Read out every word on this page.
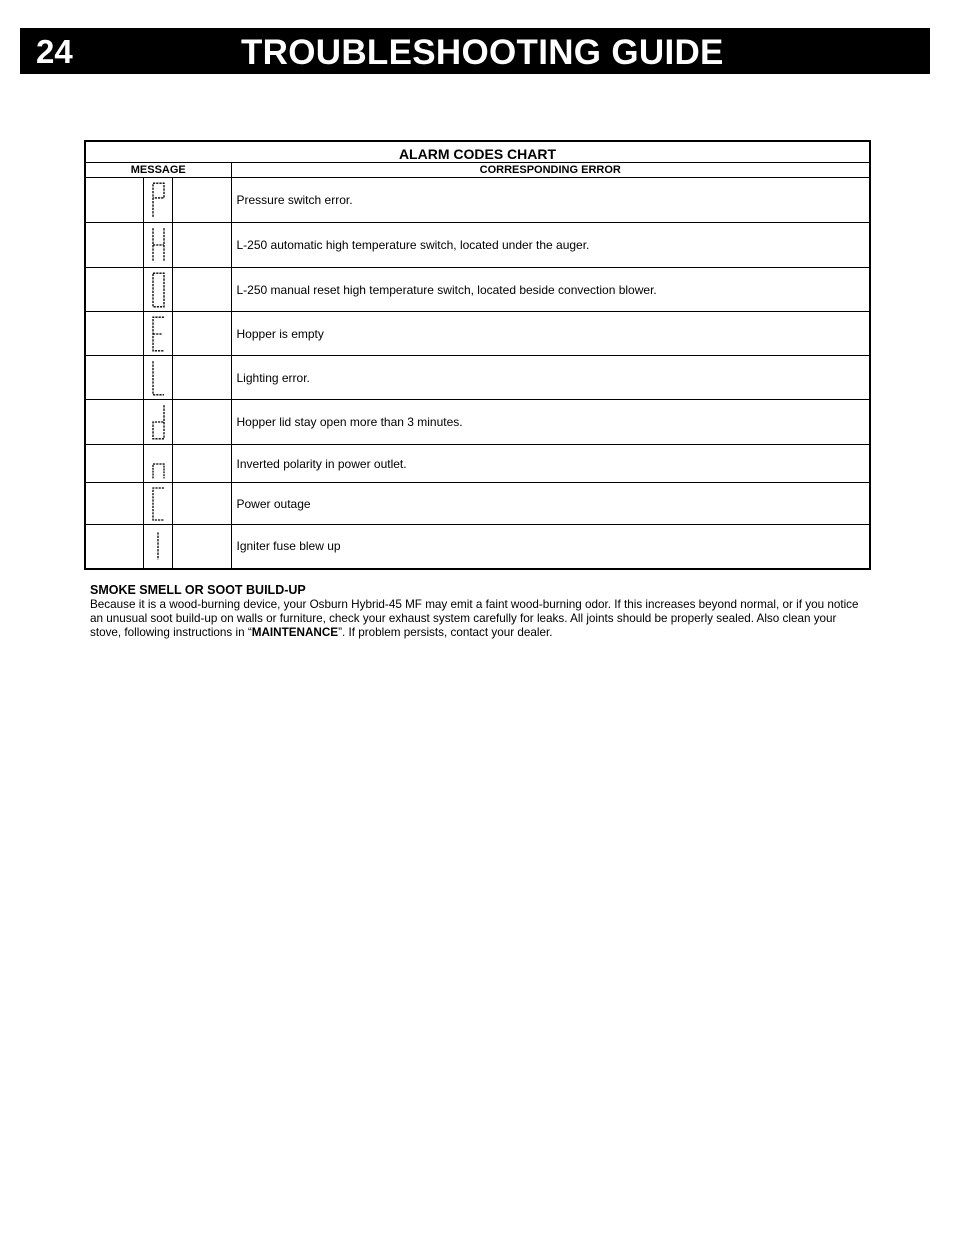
24	TROUBLESHOOTING GUIDE
ALARM CODES CHART	
MESSAGE	CORRESPONDING ERROR

	Pressure switch error.

	L-250 automatic high temperature switch, located under the auger.

	L-250 manual reset high temperature switch, located beside convection blower.

	Hopper is empty

	Lighting error.

	Hopper lid stay open more than 3 minutes.

	Inverted polarity in power outlet.

	Power outage

	Igniter fuse blew up
SMOKE SMELL OR SOOT BUILD-UP
Because it is a wood-burning device, your Osburn Hybrid-45 MF may emit a faint wood-burning odor. If this increases beyond normal, or if you notice an unusual soot build-up on walls or furniture, check your exhaust system carefully for leaks. All joints should be properly sealed. Also clean your stove, following instructions in “MAINTENANCE”. If problem persists, contact your dealer.
